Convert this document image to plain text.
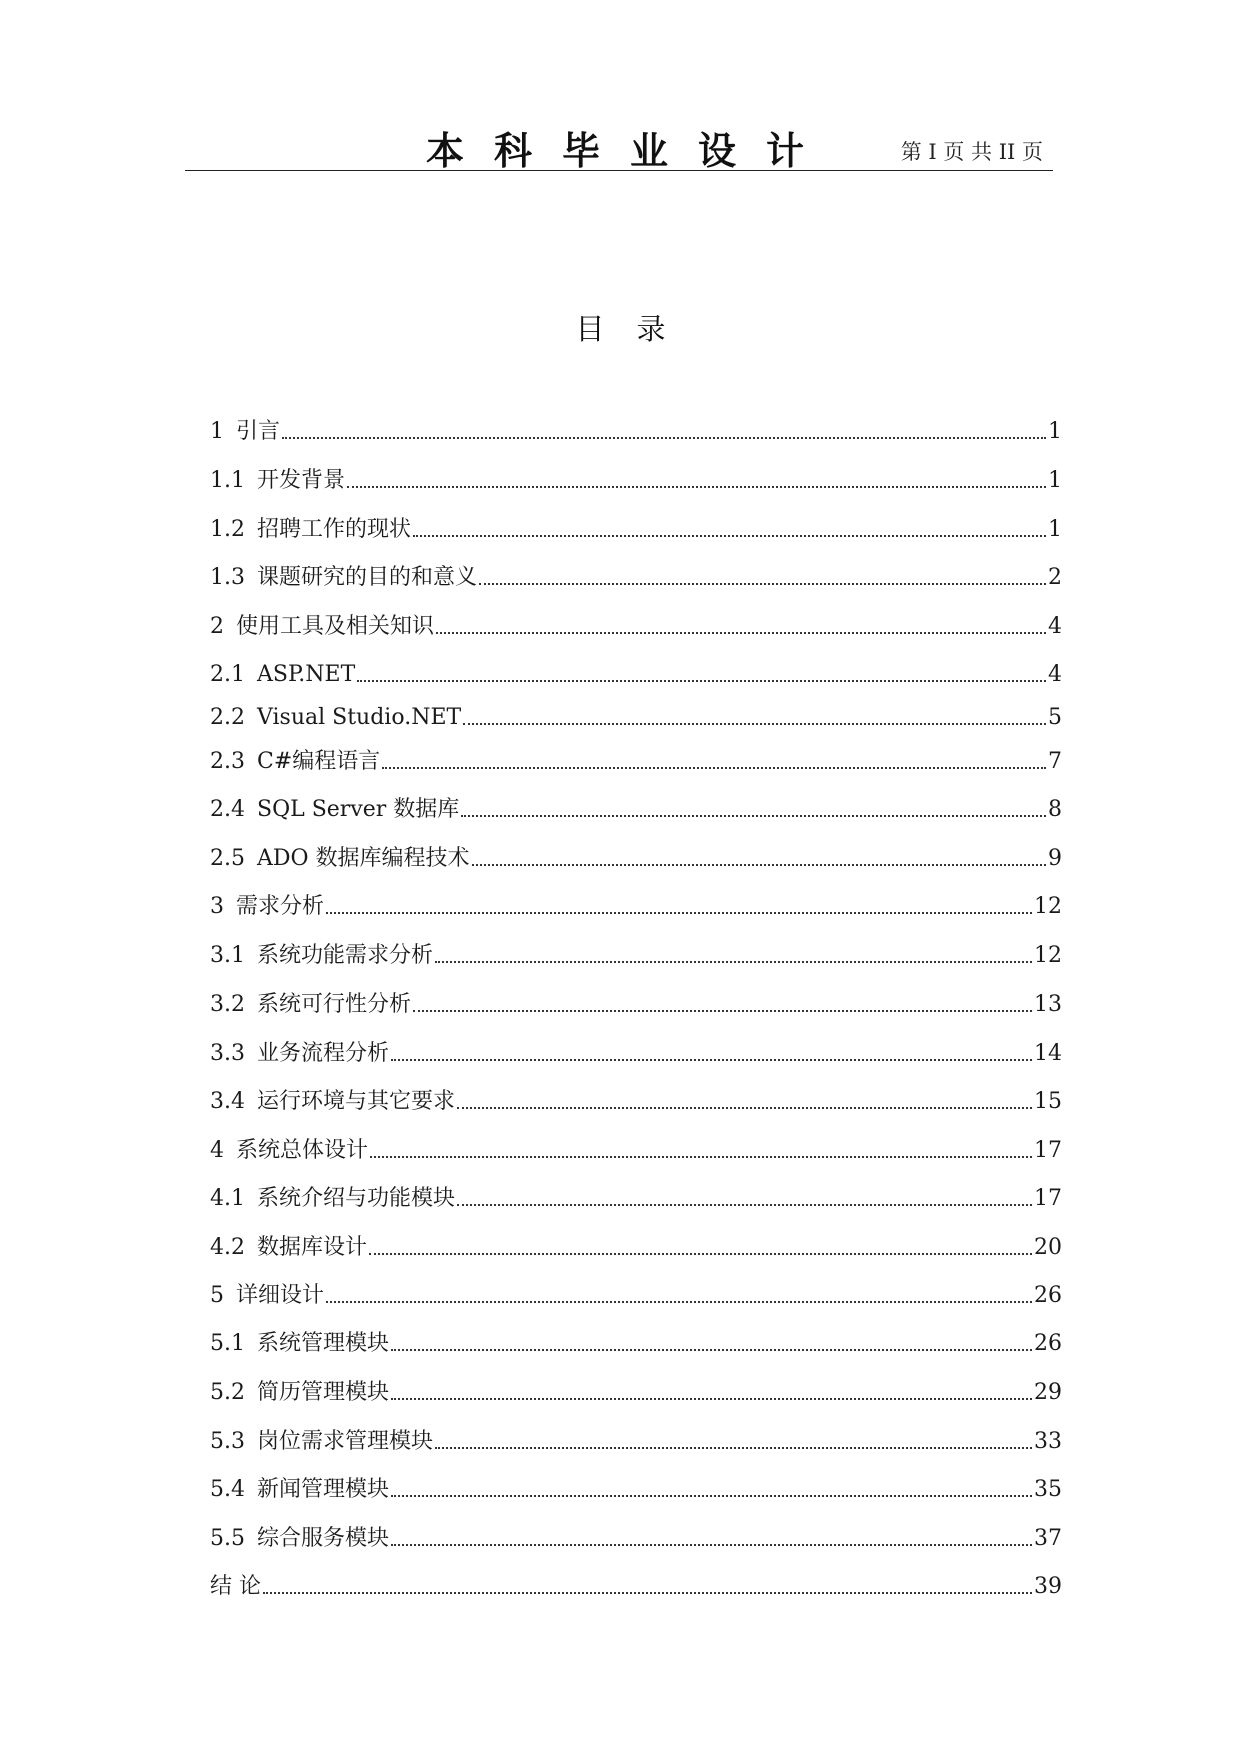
本科毕业设计	第 I 页 共 II 页
目录
1 引言	1
1.1 开发背景	1
1.2 招聘工作的现状	1
1.3 课题研究的目的和意义	2
2 使用工具及相关知识	4
2.1 ASP.NET	4
2.2 Visual Studio.NET	5
2.3 C#编程语言	7
2.4 SQL Server 数据库	8
2.5 ADO 数据库编程技术	9
3 需求分析	12
3.1 系统功能需求分析	12
3.2 系统可行性分析	13
3.3 业务流程分析	14
3.4 运行环境与其它要求	15
4 系统总体设计	17
4.1 系统介绍与功能模块	17
4.2 数据库设计	20
5 详细设计	26
5.1 系统管理模块	26
5.2 简历管理模块	29
5.3 岗位需求管理模块	33
5.4 新闻管理模块	35
5.5 综合服务模块	37
结 论	39
